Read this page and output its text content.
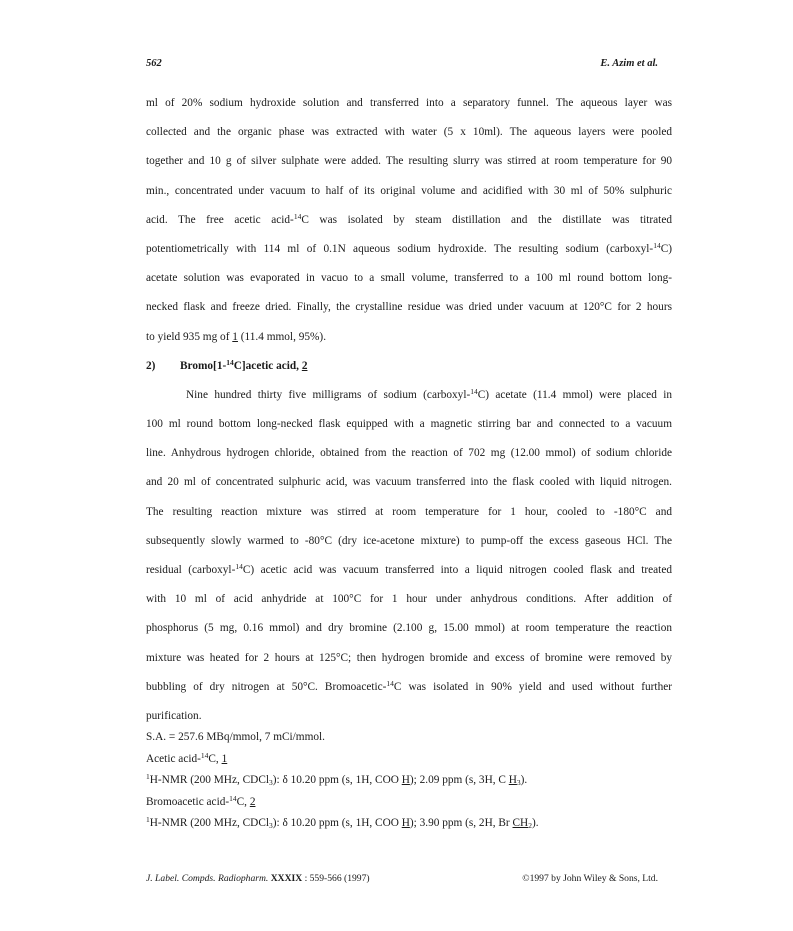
562	E. Azim et al.

ml of 20% sodium hydroxide solution and transferred into a separatory funnel. The aqueous layer was

collected and the organic phase was extracted with water (5 x 10ml). The aqueous layers were pooled

together and 10 g of silver sulphate were added. The resulting slurry was stirred at room temperature for 90

min., concentrated under vacuum to half of its original volume and acidified with 30 ml of 50% sulphuric

acid. The free acetic acid-$^{14}$C was isolated by steam distillation and the distillate was titrated

potentiometrically with 114 ml of 0.1N aqueous sodium hydroxide. The resulting sodium (carboxyl-$^{14}$C)

acetate solution was evaporated in vacuo to a small volume, transferred to a 100 ml round bottom long-

necked flask and freeze dried. Finally, the crystalline residue was dried under vacuum at 120°C for 2 hours

to yield 935 mg of 1 (11.4 mmol, 95%).

2) Bromo[1-$^{14}$C]acetic acid, 2

Nine hundred thirty five milligrams of sodium (carboxyl-$^{14}$C) acetate (11.4 mmol) were placed in

100 ml round bottom long-necked flask equipped with a magnetic stirring bar and connected to a vacuum

line. Anhydrous hydrogen chloride, obtained from the reaction of 702 mg (12.00 mmol) of sodium chloride

and 20 ml of concentrated sulphuric acid, was vacuum transferred into the flask cooled with liquid nitrogen.

The resulting reaction mixture was stirred at room temperature for 1 hour, cooled to -180°C and

subsequently slowly warmed to -80°C (dry ice-acetone mixture) to pump-off the excess gaseous HCl. The

residual (carboxyl-$^{14}$C) acetic acid was vacuum transferred into a liquid nitrogen cooled flask and treated

with 10 ml of acid anhydride at 100°C for 1 hour under anhydrous conditions. After addition of

phosphorus (5 mg, 0.16 mmol) and dry bromine (2.100 g, 15.00 mmol) at room temperature the reaction

mixture was heated for 2 hours at 125°C; then hydrogen bromide and excess of bromine were removed by

bubbling of dry nitrogen at 50°C. Bromoacetic-$^{14}$C was isolated in 90% yield and used without further

purification.

S.A. = 257.6 MBq/mmol, 7 mCi/mmol.

Acetic acid-$^{14}$C, 1

$^1$H-NMR (200 MHz, CDCl$_3$): δ 10.20 ppm (s, 1H, COO H); 2.09 ppm (s, 3H, C $H_3$).

Bromoacetic acid-$^{14}$C, 2

$^1$H-NMR (200 MHz, CDCl$_3$): δ 10.20 ppm (s, 1H, COO H); 3.90 ppm (s, 2H, Br $CH_2$).

J. Label. Compds. Radiopharm. XXXIX : 559-566 (1997)	©1997 by John Wiley & Sons, Ltd.
